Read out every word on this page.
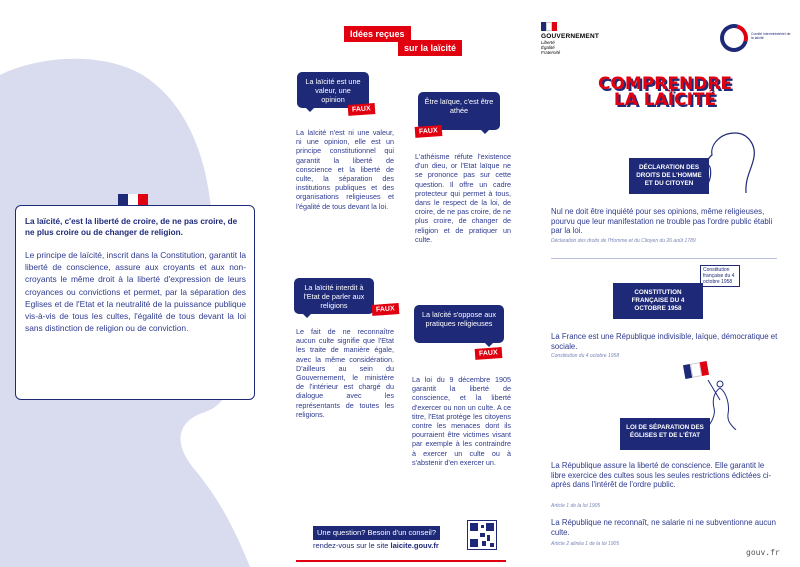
La laïcité, c'est la liberté de croire, de ne pas croire, de ne plus croire ou de changer de religion.

Le principe de laïcité, inscrit dans la Constitution, garantit la liberté de conscience, assure aux croyants et aux non-croyants le même droit à la liberté d'expression de leurs croyances ou convictions et permet, par la séparation des Eglises et de l'Etat et la neutralité de la puissance publique vis-à-vis de tous les cultes, l'égalité de tous devant la loi sans distinction de religion ou de conviction.

Idées reçues
sur la laïcité
La laïcité est une valeur, une opinion
FAUX

La laïcité n'est ni une valeur, ni une opinion, elle est un principe constitutionnel qui garantit la liberté de conscience et la liberté de culte, la séparation des institutions publiques et des organisations religieuses et l'égalité de tous devant la loi.

Être laïque, c'est être athée
FAUX

L'athéisme réfute l'existence d'un dieu, or l'Etat laïque ne se prononce pas sur cette question. Il offre un cadre protecteur qui permet à tous, dans le respect de la loi, de croire, de ne pas croire, de ne plus croire, de changer de religion et de pratiquer un culte.

La laïcité interdit à l'Etat de parler aux religions	FAUX

Le fait de ne reconnaître aucun culte signifie que l'Etat les traite de manière égale, avec la même considération. D'ailleurs au sein du Gouvernement, le ministère de l'intérieur est chargé du dialogue avec les représentants de toutes les religions.

La laïcité s'oppose aux pratiques religieuses
FAUX

La loi du 9 décembre 1905 garantit la liberté de conscience, et la liberté d'exercer ou non un culte. A ce titre, l'Etat protège les citoyens contre les menaces dont ils pourraient être victimes visant par exemple à les contraindre à exercer un culte ou à s'abstenir d'en exercer un.

Une question? Besoin d'un conseil?
rendez-vous sur le site laicite.gouv.fr
GOUVERNEMENT
Liberté
Égalité
Fraternité
Comité interministériel de la laïcité
COMPRENDRE
LA LAÏCITÉ
DÉCLARATION DES DROITS DE L'HOMME ET DU CITOYEN

Nul ne doit être inquiété pour ses opinions, même religieuses, pourvu que leur manifestation ne trouble pas l'ordre public établi par la loi.

Déclaration des droits de l'Homme et du Citoyen du 26 août 1789

Constitution française du 4 octobre 1958
CONSTITUTION FRANÇAISE DU 4 OCTOBRE 1958

La France est une République indivisible, laïque, démocratique et sociale.

Constitution du 4 octobre 1958

LOI DE SÉPARATION DES ÉGLISES ET DE L'ÉTAT

La République assure la liberté de conscience. Elle garantit le libre exercice des cultes sous les seules restrictions édictées ci-après dans l'intérêt de l'ordre public.

Article 1 de la loi 1905

La République ne reconnaît, ne salarie ni ne subventionne aucun culte.

Article 2 alinéa 1 de la loi 1905

gouv.fr
